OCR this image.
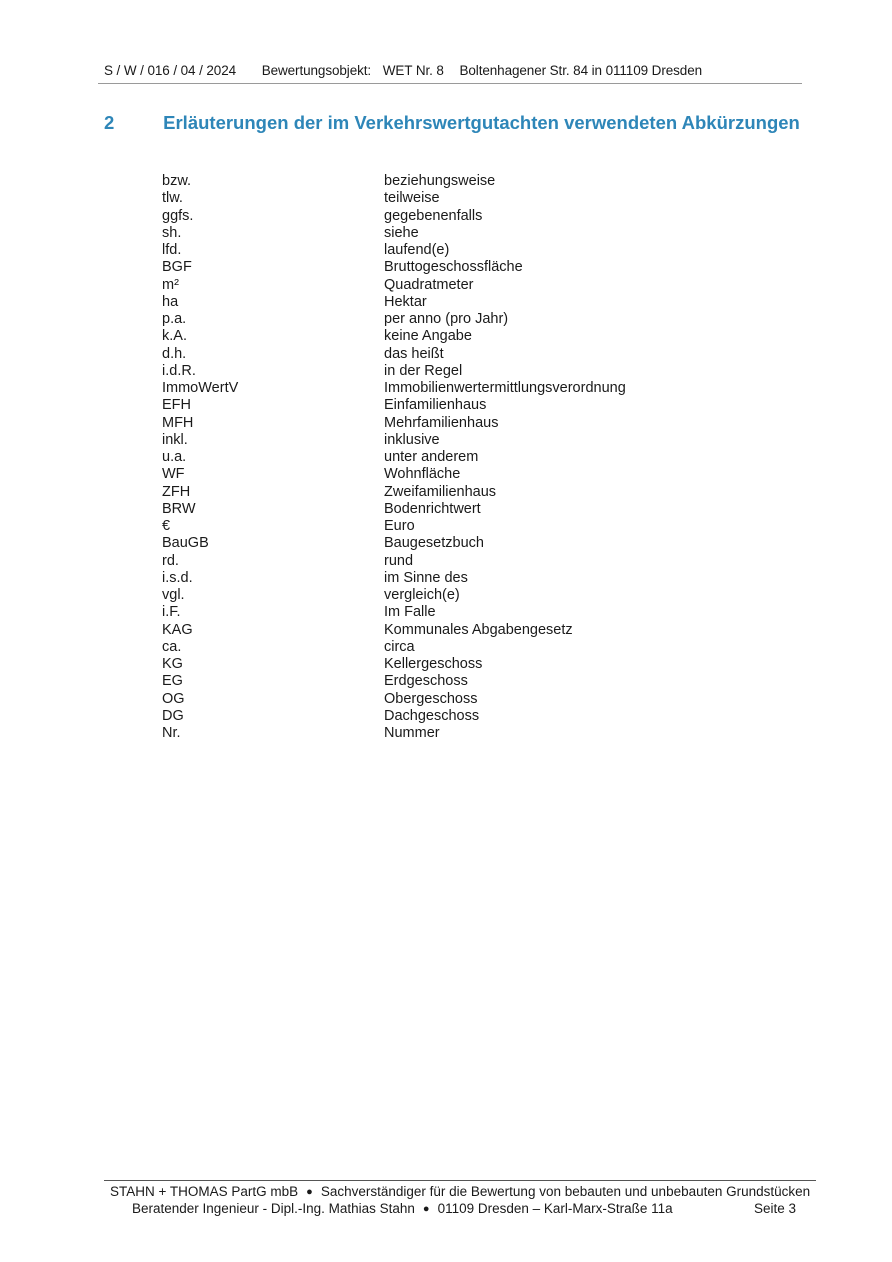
S / W / 016 / 04 / 2024 Bewertungsobjekt: WET Nr. 8 Boltenhagener Str. 84 in 011109 Dresden
2	Erläuterungen der im Verkehrswertgutachten verwendeten Abkürzungen
bzw.	beziehungsweise
tlw.	teilweise
ggfs.	gegebenenfalls
sh.	siehe
lfd.	laufend(e)
BGF	Bruttogeschossfläche
m²	Quadratmeter
ha	Hektar
p.a.	per anno (pro Jahr)
k.A.	keine Angabe
d.h.	das heißt
i.d.R.	in der Regel
ImmoWertV	Immobilienwertermittlungsverordnung
EFH	Einfamilienhaus
MFH	Mehrfamilienhaus
inkl.	inklusive
u.a.	unter anderem
WF	Wohnfläche
ZFH	Zweifamilienhaus
BRW	Bodenrichtwert
€	Euro
BauGB	Baugesetzbuch
rd.	rund
i.s.d.	im Sinne des
vgl.	vergleich(e)
i.F.	Im Falle
KAG	Kommunales Abgabengesetz
ca.	circa
KG	Kellergeschoss
EG	Erdgeschoss
OG	Obergeschoss
DG	Dachgeschoss
Nr.	Nummer
STAHN + THOMAS PartG mbB ● Sachverständiger für die Bewertung von bebauten und unbebauten Grundstücken
Beratender Ingenieur - Dipl.-Ing. Mathias Stahn ● 01109 Dresden – Karl-Marx-Straße 11a	Seite 3
